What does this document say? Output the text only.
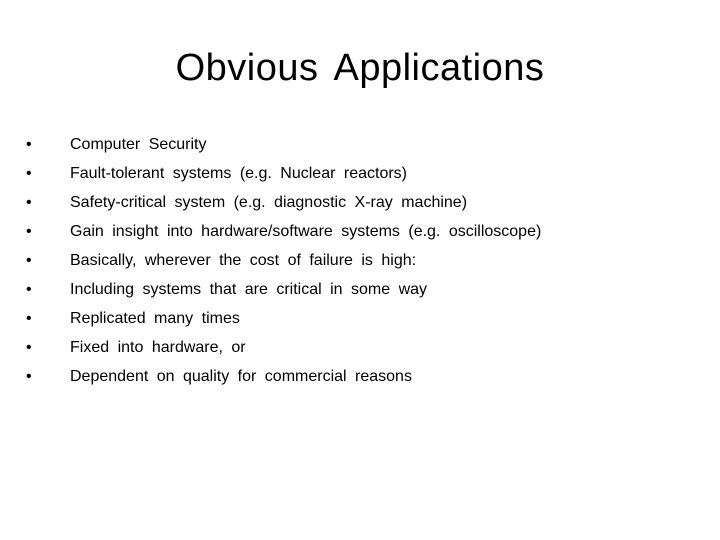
Obvious Applications
•	Computer Security
•	Fault-tolerant systems (e.g. Nuclear reactors)
•	Safety-critical system (e.g. diagnostic X-ray machine)
•	Gain insight into hardware/software systems (e.g. oscilloscope)
•	Basically, wherever the cost of failure is high:
•	Including systems that are critical in some way
•	Replicated many times
•	Fixed into hardware, or
•	Dependent on quality for commercial reasons
